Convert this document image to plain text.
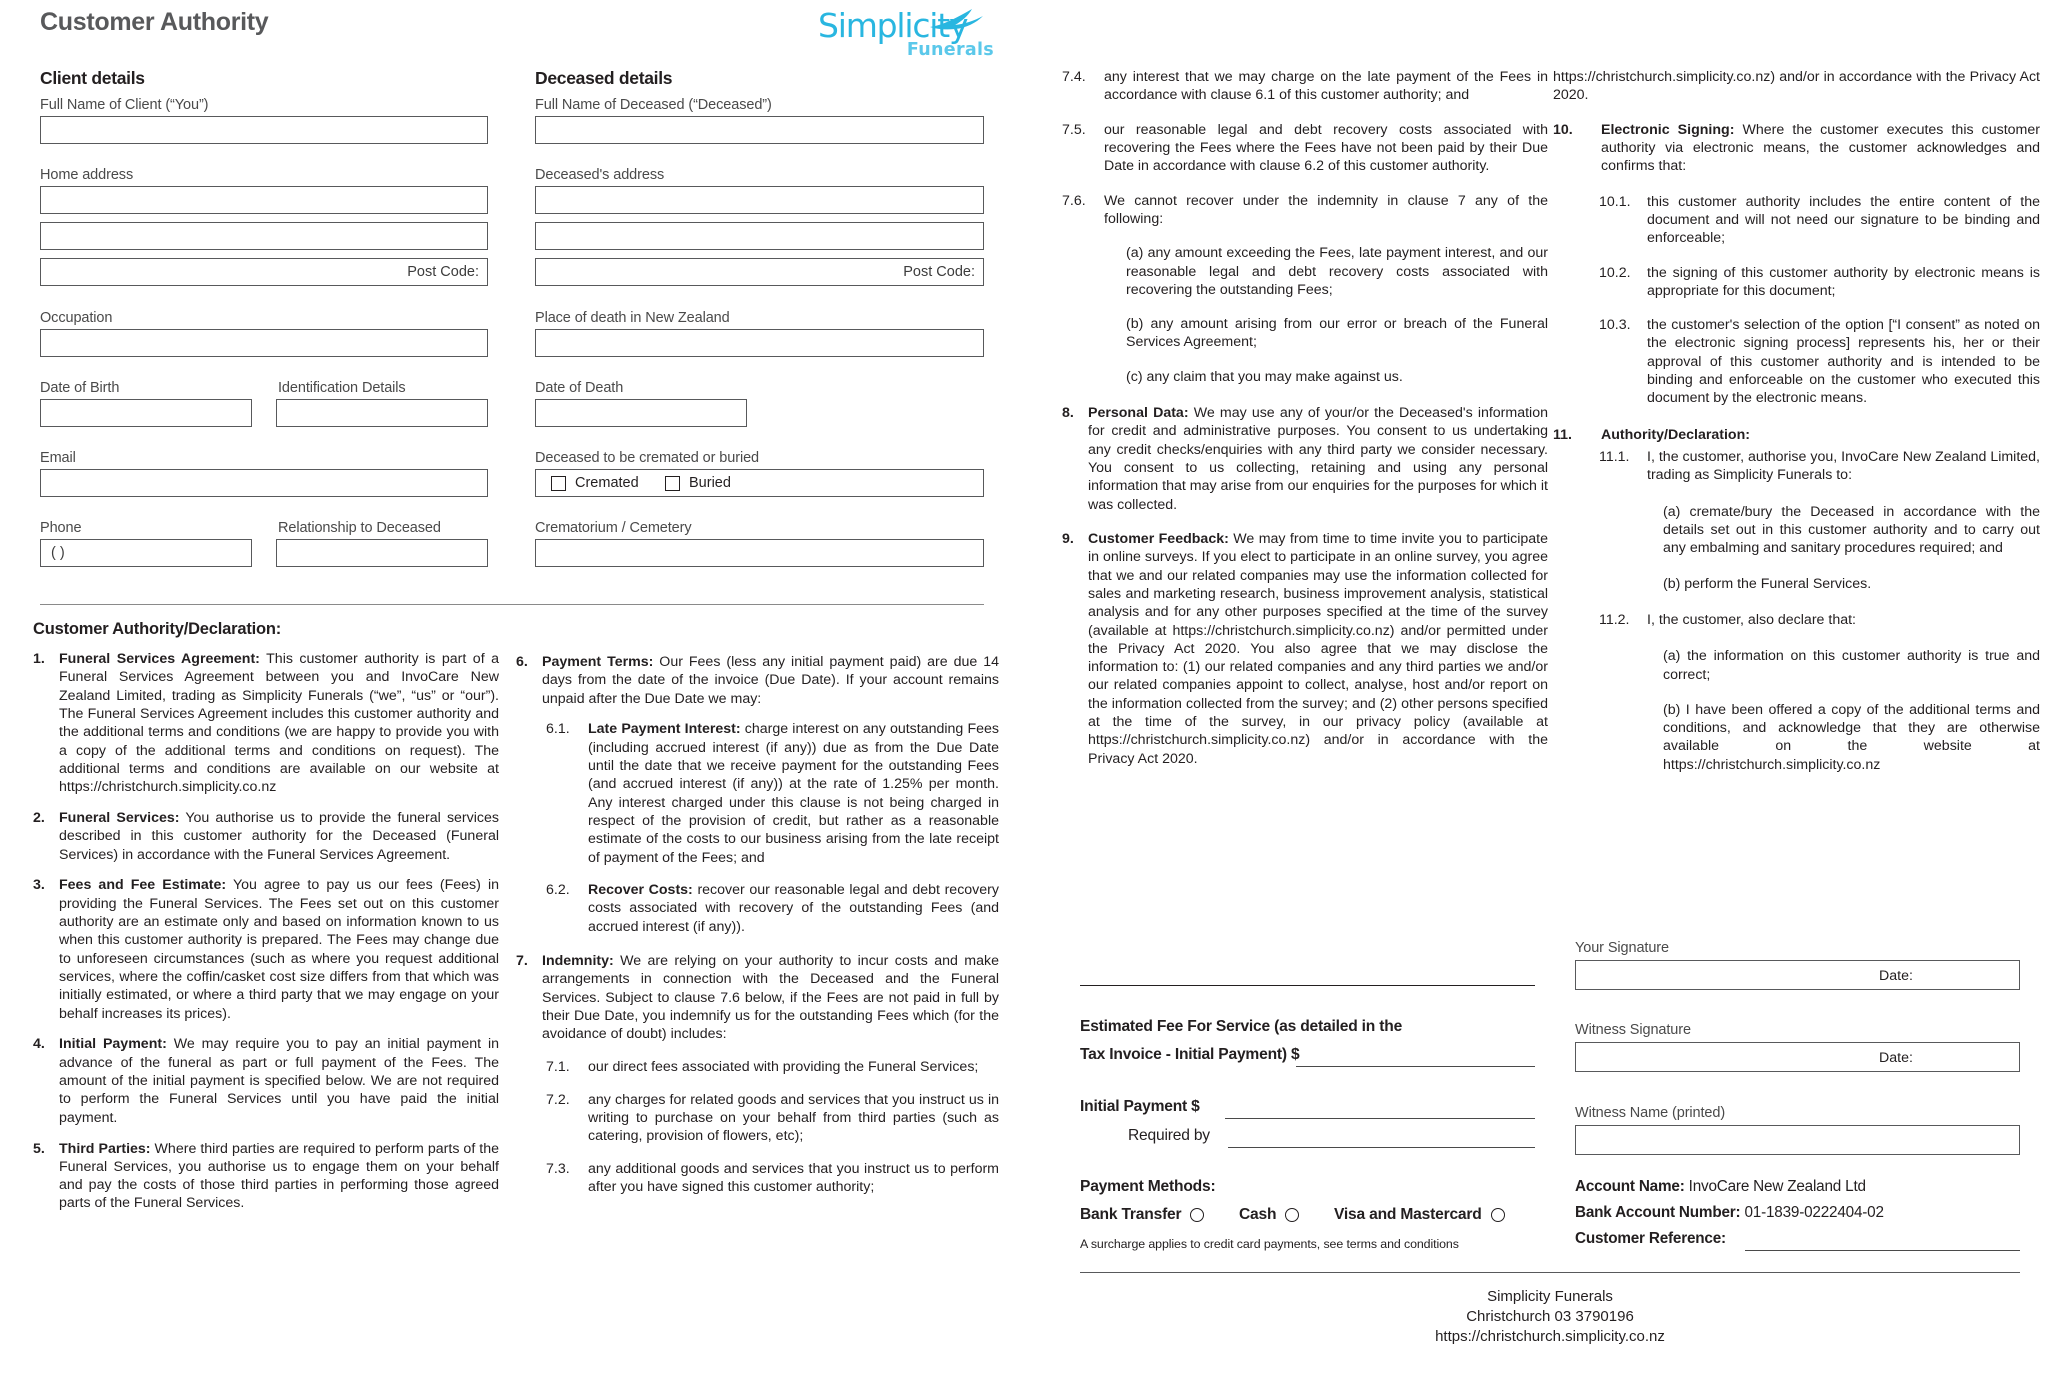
Customer Authority	Simplicity
Funerals
Client details
Full Name of Client (“You”)
Home address
Post Code:
Occupation
Date of Birth	Identification Details
Email
Phone
( )
Relationship to Deceased
Deceased details
Full Name of Deceased (“Deceased”)
Deceased's address
Post Code:
Place of death in New Zealand
Date of Death
Deceased to be cremated or buried
Cremated	Buried
Crematorium / Cemetery
Customer Authority/Declaration:
1. Funeral Services Agreement: This customer authority is part of a Funeral Services Agreement between you and InvoCare New Zealand Limited, trading as Simplicity Funerals (“we”, “us” or “our”). The Funeral Services Agreement includes this customer authority and the additional terms and conditions (we are happy to provide you with a copy of the additional terms and conditions on request). The additional terms and conditions are available on our website at https://christchurch.simplicity.co.nz
2. Funeral Services: You authorise us to provide the funeral services described in this customer authority for the Deceased (Funeral Services) in accordance with the Funeral Services Agreement.
3. Fees and Fee Estimate: You agree to pay us our fees (Fees) in providing the Funeral Services. The Fees set out on this customer authority are an estimate only and based on information known to us when this customer authority is prepared. The Fees may change due to unforeseen circumstances (such as where you request additional services, where the coffin/casket cost size differs from that which was initially estimated, or where a third party that we may engage on your behalf increases its prices).
4. Initial Payment: We may require you to pay an initial payment in advance of the funeral as part or full payment of the Fees. The amount of the initial payment is specified below. We are not required to perform the Funeral Services until you have paid the initial payment.
5. Third Parties: Where third parties are required to perform parts of the Funeral Services, you authorise us to engage them on your behalf and pay the costs of those third parties in performing those agreed parts of the Funeral Services.
6. Payment Terms: Our Fees (less any initial payment paid) are due 14 days from the date of the invoice (Due Date). If your account remains unpaid after the Due Date we may:
6.1.	Late Payment Interest: charge interest on any outstanding Fees (including accrued interest (if any)) due as from the Due Date until the date that we receive payment for the outstanding Fees (and accrued interest (if any)) at the rate of 1.25% per month. Any interest charged under this clause is not being charged in respect of the provision of credit, but rather as a reasonable estimate of the costs to our business arising from the late receipt of payment of the Fees; and
6.2.	Recover Costs: recover our reasonable legal and debt recovery costs associated with recovery of the outstanding Fees (and accrued interest (if any)).
7. Indemnity: We are relying on your authority to incur costs and make arrangements in connection with the Deceased and the Funeral Services. Subject to clause 7.6 below, if the Fees are not paid in full by their Due Date, you indemnify us for the outstanding Fees which (for the avoidance of doubt) includes:
7.1.	our direct fees associated with providing the Funeral Services;
7.2.	any charges for related goods and services that you instruct us in writing to purchase on your behalf from third parties (such as catering, provision of flowers, etc);
7.3.	any additional goods and services that you instruct us to perform after you have signed this customer authority;
7.4.	any interest that we may charge on the late payment of the Fees in accordance with clause 6.1 of this customer authority; and
7.5.	our reasonable legal and debt recovery costs associated with recovering the Fees where the Fees have not been paid by their Due Date in accordance with clause 6.2 of this customer authority.
7.6.	We cannot recover under the indemnity in clause 7 any of the following:
(a) any amount exceeding the Fees, late payment interest, and our reasonable legal and debt recovery costs associated with recovering the outstanding Fees;
(b) any amount arising from our error or breach of the Funeral Services Agreement;
(c) any claim that you may make against us.
8. Personal Data: We may use any of your/or the Deceased's information for credit and administrative purposes. You consent to us undertaking any credit checks/enquiries with any third party we consider necessary. You consent to us collecting, retaining and using any personal information that may arise from our enquiries for the purposes for which it was collected.
9. Customer Feedback: We may from time to time invite you to participate in online surveys. If you elect to participate in an online survey, you agree that we and our related companies may use the information collected for sales and marketing research, business improvement analysis, statistical analysis and for any other purposes specified at the time of the survey (available at https://christchurch.simplicity.co.nz) and/or permitted under the Privacy Act 2020. You also agree that we may disclose the information to: (1) our related companies and any third parties we and/or our related companies appoint to collect, analyse, host and/or report on the information collected from the survey; and (2) other persons specified at the time of the survey, in our privacy policy (available at https://christchurch.simplicity.co.nz) and/or in accordance with the Privacy Act 2020.
https://christchurch.simplicity.co.nz) and/or in accordance with the Privacy Act 2020.
10.	Electronic Signing: Where the customer executes this customer authority via electronic means, the customer acknowledges and confirms that:
10.1.	this customer authority includes the entire content of the document and will not need our signature to be binding and enforceable;
10.2.	the signing of this customer authority by electronic means is appropriate for this document;
10.3.	the customer's selection of the option [“I consent” as noted on the electronic signing process] represents his, her or their approval of this customer authority and is intended to be binding and enforceable on the customer who executed this document by the electronic means.
11.	Authority/Declaration:
11.1.	I, the customer, authorise you, InvoCare New Zealand Limited, trading as Simplicity Funerals to:
(a) cremate/bury the Deceased in accordance with the details set out in this customer authority and to carry out any embalming and sanitary procedures required; and
(b) perform the Funeral Services.
11.2.	I, the customer, also declare that:
(a) the information on this customer authority is true and correct;
(b) I have been offered a copy of the additional terms and conditions, and acknowledge that they are otherwise available on the website at https://christchurch.simplicity.co.nz
Estimated Fee For Service (as detailed in the
Tax Invoice - Initial Payment) $
Initial Payment $
Required by
Payment Methods:
Bank Transfer	Cash	Visa and Mastercard
A surcharge applies to credit card payments, see terms and conditions
Your Signature
Date:
Witness Signature
Date:
Witness Name (printed)
Account Name: InvoCare New Zealand Ltd
Bank Account Number: 01-1839-0222404-02
Customer Reference:
Simplicity Funerals
Christchurch 03 3790196
https://christchurch.simplicity.co.nz
